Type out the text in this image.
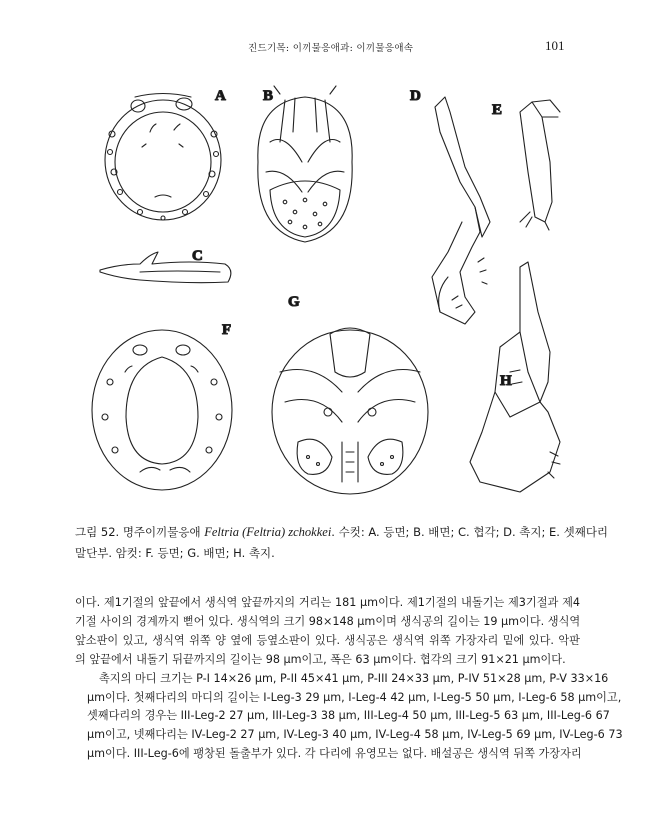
진드기목: 이끼물응애과: 이끼물응애속	101
A B
C
D
E
F
G
H
그림 52. 명주이끼물응애 Feltria (Feltria) zchokkei. 수컷: A. 등면; B. 배면; C. 협각; D. 촉지; E. 셋째다리
말단부. 암컷: F. 등면; G. 배면; H. 촉지.

이다. 제1기절의 앞끝에서 생식역 앞끝까지의 거리는 181 μm이다. 제1기절의 내돌기는 제3기절과 제4
기절 사이의 경계까지 뻗어 있다. 생식역의 크기 98×148 μm이며 생식공의 길이는 19 μm이다. 생식역
앞소판이 있고, 생식역 위쪽 양 옆에 등옆소판이 있다. 생식공은 생식역 위쪽 가장자리 밑에 있다. 악판
의 앞끝에서 내돌기 뒤끝까지의 길이는 98 μm이고, 폭은 63 μm이다. 협각의 크기 91×21 μm이다.

촉지의 마디 크기는 P-I 14×26 μm, P-II 45×41 μm, P-III 24×33 μm, P-IV 51×28 μm, P-V 33×16
μm이다. 첫째다리의 마디의 길이는 I-Leg-3 29 μm, I-Leg-4 42 μm, I-Leg-5 50 μm, I-Leg-6 58 μm이고,
셋째다리의 경우는 III-Leg-2 27 μm, III-Leg-3 38 μm, III-Leg-4 50 μm, III-Leg-5 63 μm, III-Leg-6 67
μm이고, 넷째다리는 IV-Leg-2 27 μm, IV-Leg-3 40 μm, IV-Leg-4 58 μm, IV-Leg-5 69 μm, IV-Leg-6 73
μm이다. III-Leg-6에 팽창된 돌출부가 있다. 각 다리에 유영모는 없다. 배설공은 생식역 뒤쪽 가장자리
